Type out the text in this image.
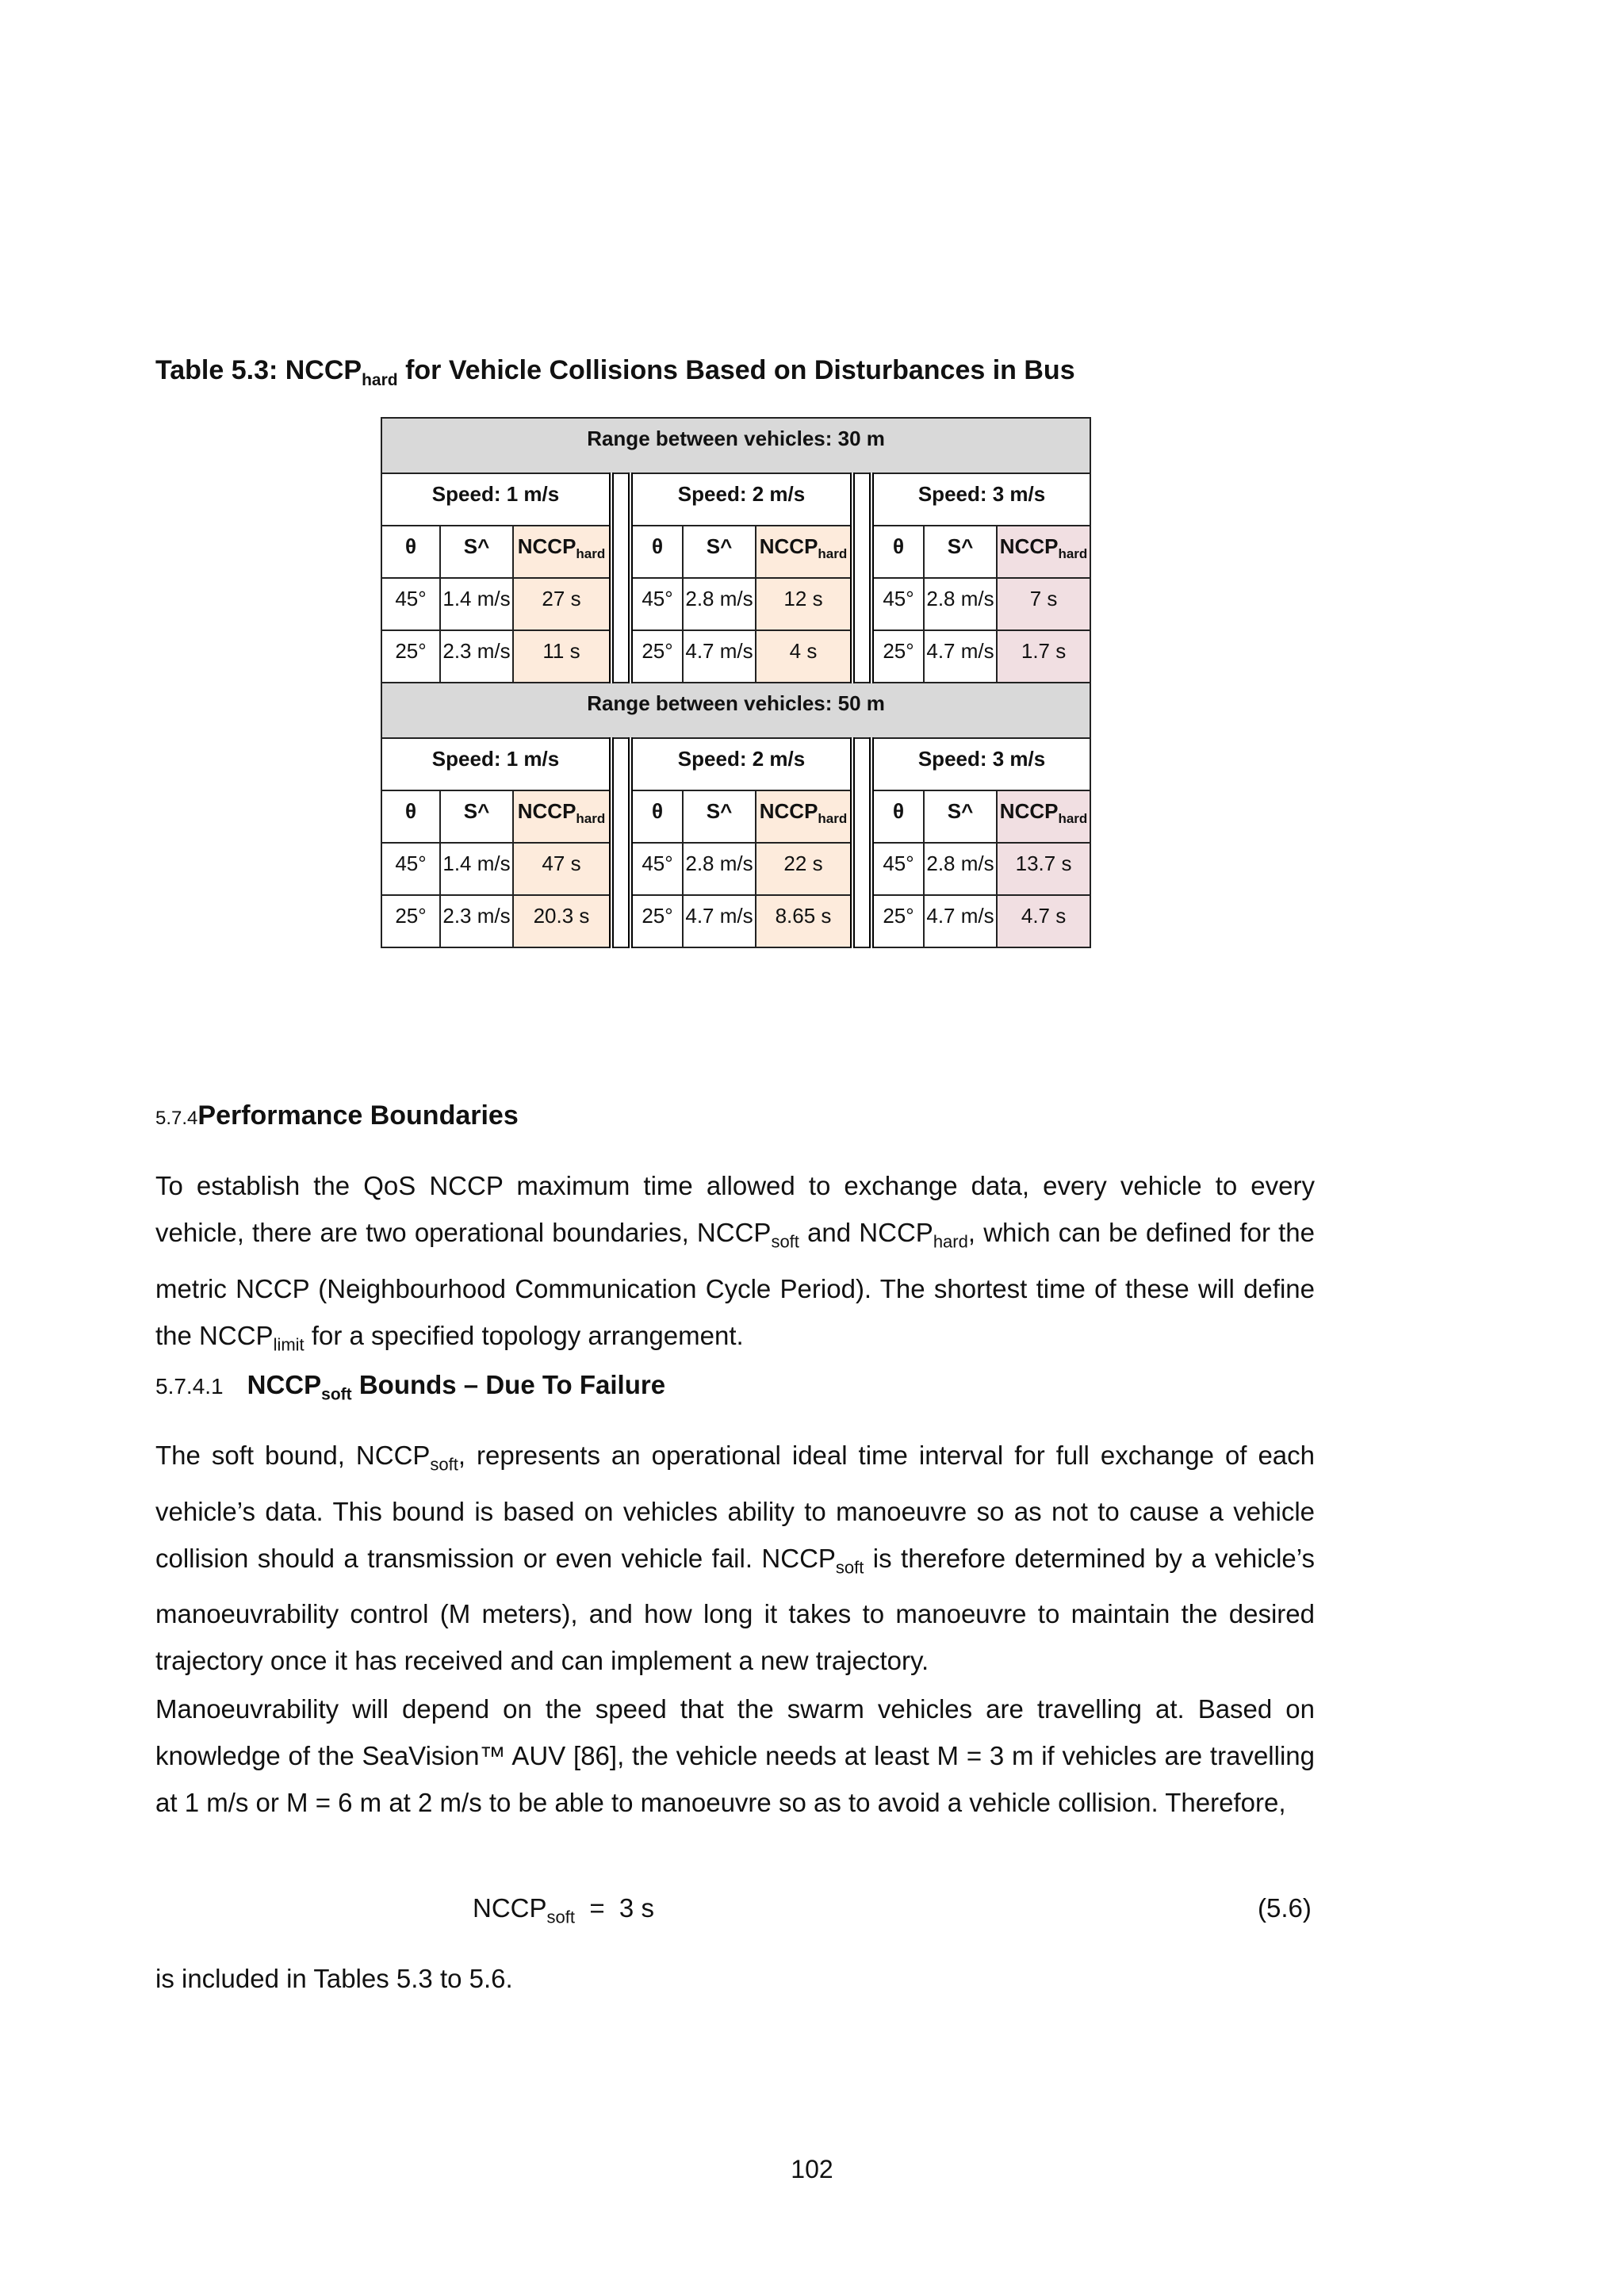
Table 5.3: $NCCP_{hard}$ for Vehicle Collisions Based on Disturbances in Bus
Range between vehicles: 30 m										
Speed: 1 m/s				Speed: 2 m/s				Speed: 3 m/s		
θ	S^	$NCCP_{hard}$		θ	S^	$NCCP_{hard}$		θ	S^	$NCCP_{hard}$
45°	1.4 m/s	27 s		45°	2.8 m/s	12 s		45°	2.8 m/s	7 s
25°	2.3 m/s	11 s		25°	4.7 m/s	4 s		25°	4.7 m/s	1.7 s
Range between vehicles: 50 m										
Speed: 1 m/s				Speed: 2 m/s				Speed: 3 m/s		
θ	S^	$NCCP_{hard}$		θ	S^	$NCCP_{hard}$		θ	S^	$NCCP_{hard}$
45°	1.4 m/s	47 s		45°	2.8 m/s	22 s		45°	2.8 m/s	13.7 s
25°	2.3 m/s	20.3 s		25°	4.7 m/s	8.65 s		25°	4.7 m/s	4.7 s
5.7.4Performance Boundaries
To establish the QoS NCCP maximum time allowed to exchange data, every vehicle to every vehicle, there are two operational boundaries, $NCCP_{soft}$ and $NCCP_{hard}$, which can be defined for the metric NCCP (Neighbourhood Communication Cycle Period). The shortest time of these will define the $NCCP_{limit}$ for a specified topology arrangement.
5.7.4.1 $NCCP_{soft}$ Bounds – Due To Failure
The soft bound, $NCCP_{soft}$, represents an operational ideal time interval for full exchange of each vehicle’s data. This bound is based on vehicles ability to manoeuvre so as not to cause a vehicle collision should a transmission or even vehicle fail. $NCCP_{soft}$ is therefore determined by a vehicle’s manoeuvrability control (M meters), and how long it takes to manoeuvre to maintain the desired trajectory once it has received and can implement a new trajectory.
Manoeuvrability will depend on the speed that the swarm vehicles are travelling at. Based on knowledge of the SeaVision™ AUV [86], the vehicle needs at least M = 3 m if vehicles are travelling at 1 m/s or M = 6 m at 2 m/s to be able to manoeuvre so as to avoid a vehicle collision. Therefore,
$NCCP_{soft} = 3$ s	(5.6)
is included in Tables 5.3 to 5.6.
102
